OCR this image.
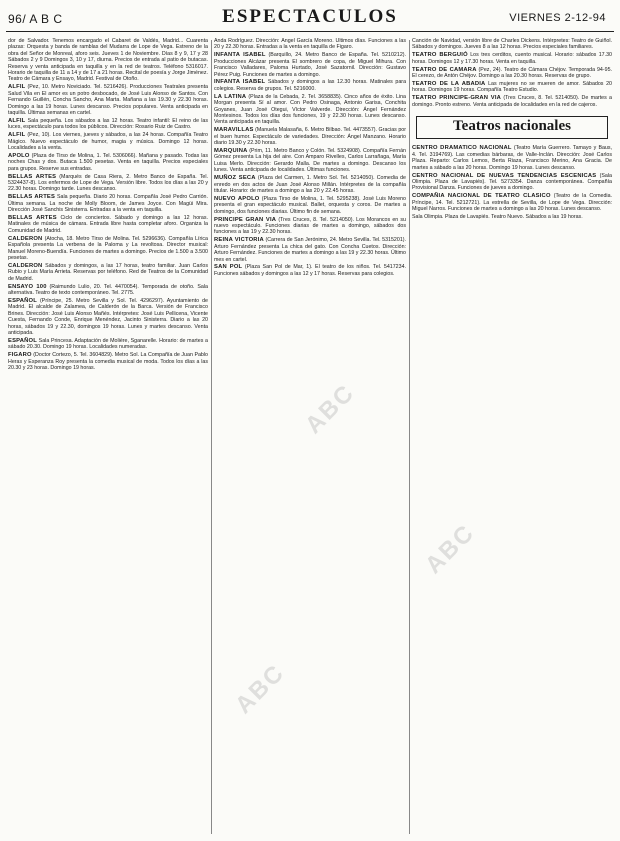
96/ A B C	ESPECTACULOS	VIERNES 2-12-94

dor de Salvador. Tenemos encargado el Cabaret de Valdés, Madrid... Cuarenta plazas: Orquesta y banda de ramblas del Mudarra de Lope de Vega. Estreno de la obra del Señor de Monreal, aforo seis. Jueves 1 de Noviembre. Días 8 y 9, 17 y 28 Sábados 2 y 9 Domingos 3, 10 y 17, diurna. Precios de entrada al patio de butacas. Reserva y venta anticipada en taquilla y en la red de teatros. Teléfono 5316017. Horario de taquilla de 11 a 14 y de 17 a 21 horas. Recital de poesía y Jorge Jiménez. Teatro de Cámara y Ensayo, Madrid. Festival de Otoño.

ALFIL (Pez, 10. Metro Noviciado. Tel. 5216426). Producciones Teatrales presenta Salud Vila en El amor es un potro desbocado, de José Luis Alonso de Santos. Con Fernando Guillén, Concha Sancho, Ana Marta. Mañana a las 19.30 y 22.30 horas. Domingo a las 19 horas. Lunes descanso. Precios populares. Venta anticipada en taquilla. Últimas semanas en cartel.

ALFIL Sala pequeña. Los sábados a las 12 horas. Teatro infantil: El reino de las luces, espectáculo para todos los públicos. Dirección: Rosario Ruiz de Castro.

ALFIL (Pez, 10). Los viernes, jueves y sábados, a las 24 horas. Compañía Teatro Mágico. Nuevo espectáculo de humor, magia y música. Domingo 12 horas. Localidades a la venta.

APOLO (Plaza de Tirso de Molina, 1. Tel. 5306066). Mañana y pasado. Todas las noches Chas y dos. Butaca 1.500 pesetas. Venta en taquilla. Precios especiales para grupos. Reserve sus entradas.

BELLAS ARTES (Marqués de Casa Riera, 2. Metro Banco de España. Tel. 5324437-8). Los enfermos de Lope de Vega. Versión libre. Todos los días a las 20 y 22.30 horas. Domingo tarde. Lunes descanso.

BELLAS ARTES Sala pequeña. Diario 20 horas. Compañía José Pedro Carrión. Última semana. La noche de Molly Bloom, de James Joyce. Con Magüi Mira. Dirección José Sanchis Sinisterra. Entradas a la venta en taquilla.

BELLAS ARTES Ciclo de conciertos. Sábado y domingo a las 12 horas. Matinales de música de cámara. Entrada libre hasta completar aforo. Organiza la Comunidad de Madrid.

CALDERON (Atocha, 18. Metro Tirso de Molina. Tel. 5296636). Compañía Lírica Española presenta La verbena de la Paloma y La revoltosa. Director musical: Manuel Moreno-Buendía. Funciones de martes a domingo. Precios de 1.500 a 3.500 pesetas.

CALDERON Sábados y domingos, a las 17 horas, teatro familiar. Juan Carlos Rubio y Luis María Arrieta. Reservas por teléfono. Red de Teatros de la Comunidad de Madrid.

ENSAYO 100 (Raimundo Lulio, 20. Tel. 4470054). Temporada de otoño. Sala alternativa. Teatro de texto contemporáneo. Tel. 2775.

ESPAÑOL (Príncipe, 25. Metro Sevilla y Sol. Tel. 4296297). Ayuntamiento de Madrid. El alcalde de Zalamea, de Calderón de la Barca. Versión de Francisco Brines. Dirección: José Luis Alonso Mañés. Intérpretes: José Luis Pellicena, Vicente Cuesta, Fernando Conde, Enrique Menéndez, Jacinto Sinisterra. Diario a las 20 horas, sábados 19 y 22.30, domingos 19 horas. Lunes y martes descanso. Venta anticipada.

ESPAÑOL Sala Princesa. Adaptación de Molière, Sganarelle. Horario: de martes a sábado 20.30. Domingo 19 horas. Localidades numeradas.

FIGARO (Doctor Cortezo, 5. Tel. 3604829). Metro Sol. La Compañía de Juan Pablo Heras y Esperanza Roy presenta la comedia musical de moda. Todos los días a las 20.30 y 23 horas. Domingo 19 horas.

Anda Rodríguez. Dirección: Ángel García Moreno. Últimos días. Funciones a las 20 y 22.30 horas. Entradas a la venta en taquilla de Figaro.

INFANTA ISABEL (Barquillo, 24. Metro Banco de España. Tel. 5210212). Producciones Alcázar presenta El sombrero de copa, de Miguel Mihura. Con Francisco Valladares, Paloma Hurtado, José Sazatornil. Dirección: Gustavo Pérez Puig. Funciones de martes a domingo.

INFANTA ISABEL Sábados y domingos a las 12.30 horas. Matinales para colegios. Reserva de grupos. Tel. 5216000.

LA LATINA (Plaza de la Cebada, 2. Tel. 3658835). Cinco años de éxito. Lina Morgan presenta Sí al amor. Con Pedro Osinaga, Antonio Garisa, Conchita Goyanes, Juan José Otegui, Víctor Valverde. Dirección: Ángel Fernández Montesinos. Todos los días dos funciones, 19 y 22.30 horas. Lunes descanso. Venta anticipada en taquilla.

MARAVILLAS (Manuela Malasaña, 6. Metro Bilbao. Tel. 4473557). Gracias por el buen humor. Espectáculo de variedades. Dirección: Ángel Manzano. Horario diario 19.30 y 22.30 horas.

MARQUINA (Prim, 11. Metro Banco y Colón. Tel. 5324908). Compañía Fernán Gómez presenta La hija del aire. Con Amparo Rivelles, Carlos Larrañaga, María Luisa Merlo. Dirección: Gerardo Malla. De martes a domingo. Descanso los lunes. Venta anticipada de localidades. Últimas funciones.

MUÑOZ SECA (Plaza del Carmen, 1. Metro Sol. Tel. 5214050). Comedia de enredo en dos actos de Juan José Alonso Millán. Intérpretes de la compañía titular. Horario: de martes a domingo a las 20 y 22.45 horas.

NUEVO APOLO (Plaza Tirso de Molina, 1. Tel. 5295238). José Luis Moreno presenta el gran espectáculo musical. Ballet, orquesta y coros. De martes a domingo, dos funciones diarias. Último fin de semana.

PRINCIPE GRAN VIA (Tres Cruces, 8. Tel. 5214050). Los Morancos en su nuevo espectáculo. Funciones diarias de martes a domingo, sábados dos funciones a las 19 y 22.30 horas.

REINA VICTORIA (Carrera de San Jerónimo, 24. Metro Sevilla. Tel. 5315201). Arturo Fernández presenta La chica del gato. Con Concha Cuetos. Dirección: Arturo Fernández. Funciones de martes a domingo a las 19 y 22.30 horas. Último mes en cartel.

SAN POL (Plaza San Pol de Mar, 1). El teatro de los niños. Tel. 5417234. Funciones sábados y domingos a las 12 y 17 horas. Reservas para colegios.

Canción de Navidad, versión libre de Charles Dickens. Intérpretes: Teatro de Guiñol. Sábados y domingos. Jueves 8 a las 12 horas. Precios especiales familiares.

TEATRO BERGUIÓ Los tres cerditos, cuento musical. Horario: sábados 17.30 horas. Domingos 12 y 17.30 horas. Venta en taquilla.

TEATRO DE CAMARA (Pez, 24). Teatro de Cámara Chéjov. Temporada 94-95. El cerezo, de Antón Chéjov. Domingo a las 20.30 horas. Reservas de grupo.

TEATRO DE LA ABADIA Las mujeres no se mueren de amor. Sábados 20 horas. Domingos 19 horas. Compañía Teatro Estudio.

TEATRO PRINCIPE-GRAN VIA (Tres Cruces, 8. Tel. 5214050). De martes a domingo. Pronto estreno. Venta anticipada de localidades en la red de cajeros.

Teatros nacionales

CENTRO DRAMATICO NACIONAL (Teatro María Guerrero. Tamayo y Baus, 4. Tel. 3194769). Las comedias bárbaras, de Valle-Inclán. Dirección: José Carlos Plaza. Reparto: Carlos Lemos, Berta Riaza, Francisco Merino, Ana Gracia. De martes a sábado a las 20 horas. Domingo 19 horas. Lunes descanso.

CENTRO NACIONAL DE NUEVAS TENDENCIAS ESCENICAS (Sala Olimpia. Plaza de Lavapiés). Tel. 5273354. Danza contemporánea. Compañía Provisional Danza. Funciones de jueves a domingo.

COMPAÑIA NACIONAL DE TEATRO CLASICO (Teatro de la Comedia. Príncipe, 14. Tel. 5212721). La estrella de Sevilla, de Lope de Vega. Dirección: Miguel Narros. Funciones de martes a domingo a las 20 horas. Lunes descanso.

Sala Olimpia. Plaza de Lavapiés. Teatro Nuevo. Sábados a las 19 horas.

ABC
ABC
ABC
